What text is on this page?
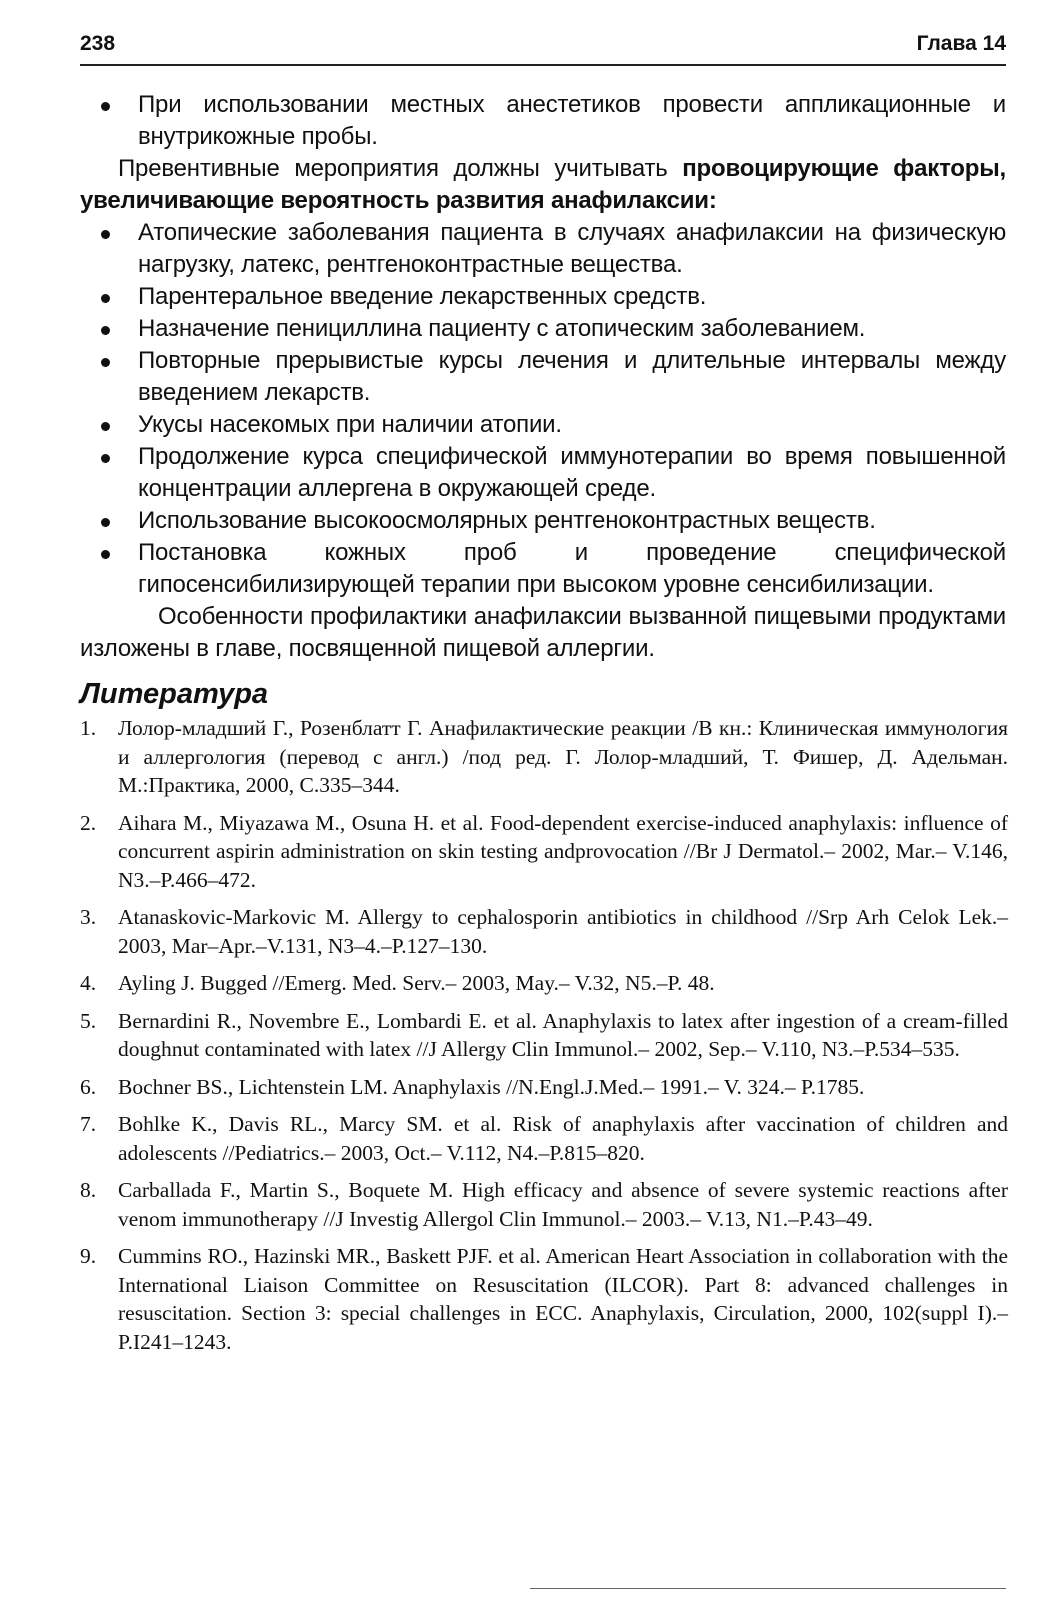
238	Глава 14
При использовании местных анестетиков провести аппликационные и внутрикожные пробы.

Превентивные мероприятия должны учитывать провоцирующие факторы, увеличивающие вероятность развития анафилаксии:

Атопические заболевания пациента в случаях анафилаксии на физическую нагрузку, латекс, рентгеноконтрастные вещества.
Парентеральное введение лекарственных средств.
Назначение пенициллина пациенту с атопическим заболеванием.
Повторные прерывистые курсы лечения и длительные интервалы между введением лекарств.
Укусы насекомых при наличии атопии.
Продолжение курса специфической иммунотерапии во время повышенной концентрации аллергена в окружающей среде.
Использование высокоосмолярных рентгеноконтрастных веществ.
Постановка кожных проб и проведение специфической гипосенсибилизирующей терапии при высоком уровне сенсибилизации.

Особенности профилактики анафилаксии вызванной пищевыми продуктами изложены в главе, посвященной пищевой аллергии.

Литература
1. Лолор-младший Г., Розенблатт Г. Анафилактические реакции /В кн.: Клиническая иммунология и аллергология (перевод с англ.) /под ред. Г. Лолор-младший, Т. Фишер, Д. Адельман. М.:Практика, 2000, С.335–344.
2. Aihara M., Miyazawa M., Osuna H. et al. Food-dependent exercise-induced anaphylaxis: influence of concurrent aspirin administration on skin testing andprovocation //Br J Dermatol.– 2002, Mar.– V.146, N3.–P.466–472.
3. Atanaskovic-Markovic M. Allergy to cephalosporin antibiotics in childhood //Srp Arh Celok Lek.– 2003, Mar–Apr.–V.131, N3–4.–P.127–130.
4. Ayling J. Bugged //Emerg. Med. Serv.– 2003, May.– V.32, N5.–P. 48.
5. Bernardini R., Novembre E., Lombardi E. et al. Anaphylaxis to latex after ingestion of a cream-filled doughnut contaminated with latex //J Allergy Clin Immunol.– 2002, Sep.– V.110, N3.–P.534–535.
6. Bochner BS., Lichtenstein LM. Anaphylaxis //N.Engl.J.Med.– 1991.– V. 324.– P.1785.
7. Bohlke K., Davis RL., Marcy SM. et al. Risk of anaphylaxis after vaccination of children and adolescents //Pediatrics.– 2003, Oct.– V.112, N4.–P.815–820.
8. Carballada F., Martin S., Boquete M. High efficacy and absence of severe systemic reactions after venom immunotherapy //J Investig Allergol Clin Immunol.– 2003.– V.13, N1.–P.43–49.
9. Cummins RO., Hazinski MR., Baskett PJF. et al. American Heart Association in collaboration with the International Liaison Committee on Resuscitation (ILCOR). Part 8: advanced challenges in resuscitation. Section 3: special challenges in ECC. Anaphylaxis, Circulation, 2000, 102(suppl I).– P.I241–1243.
